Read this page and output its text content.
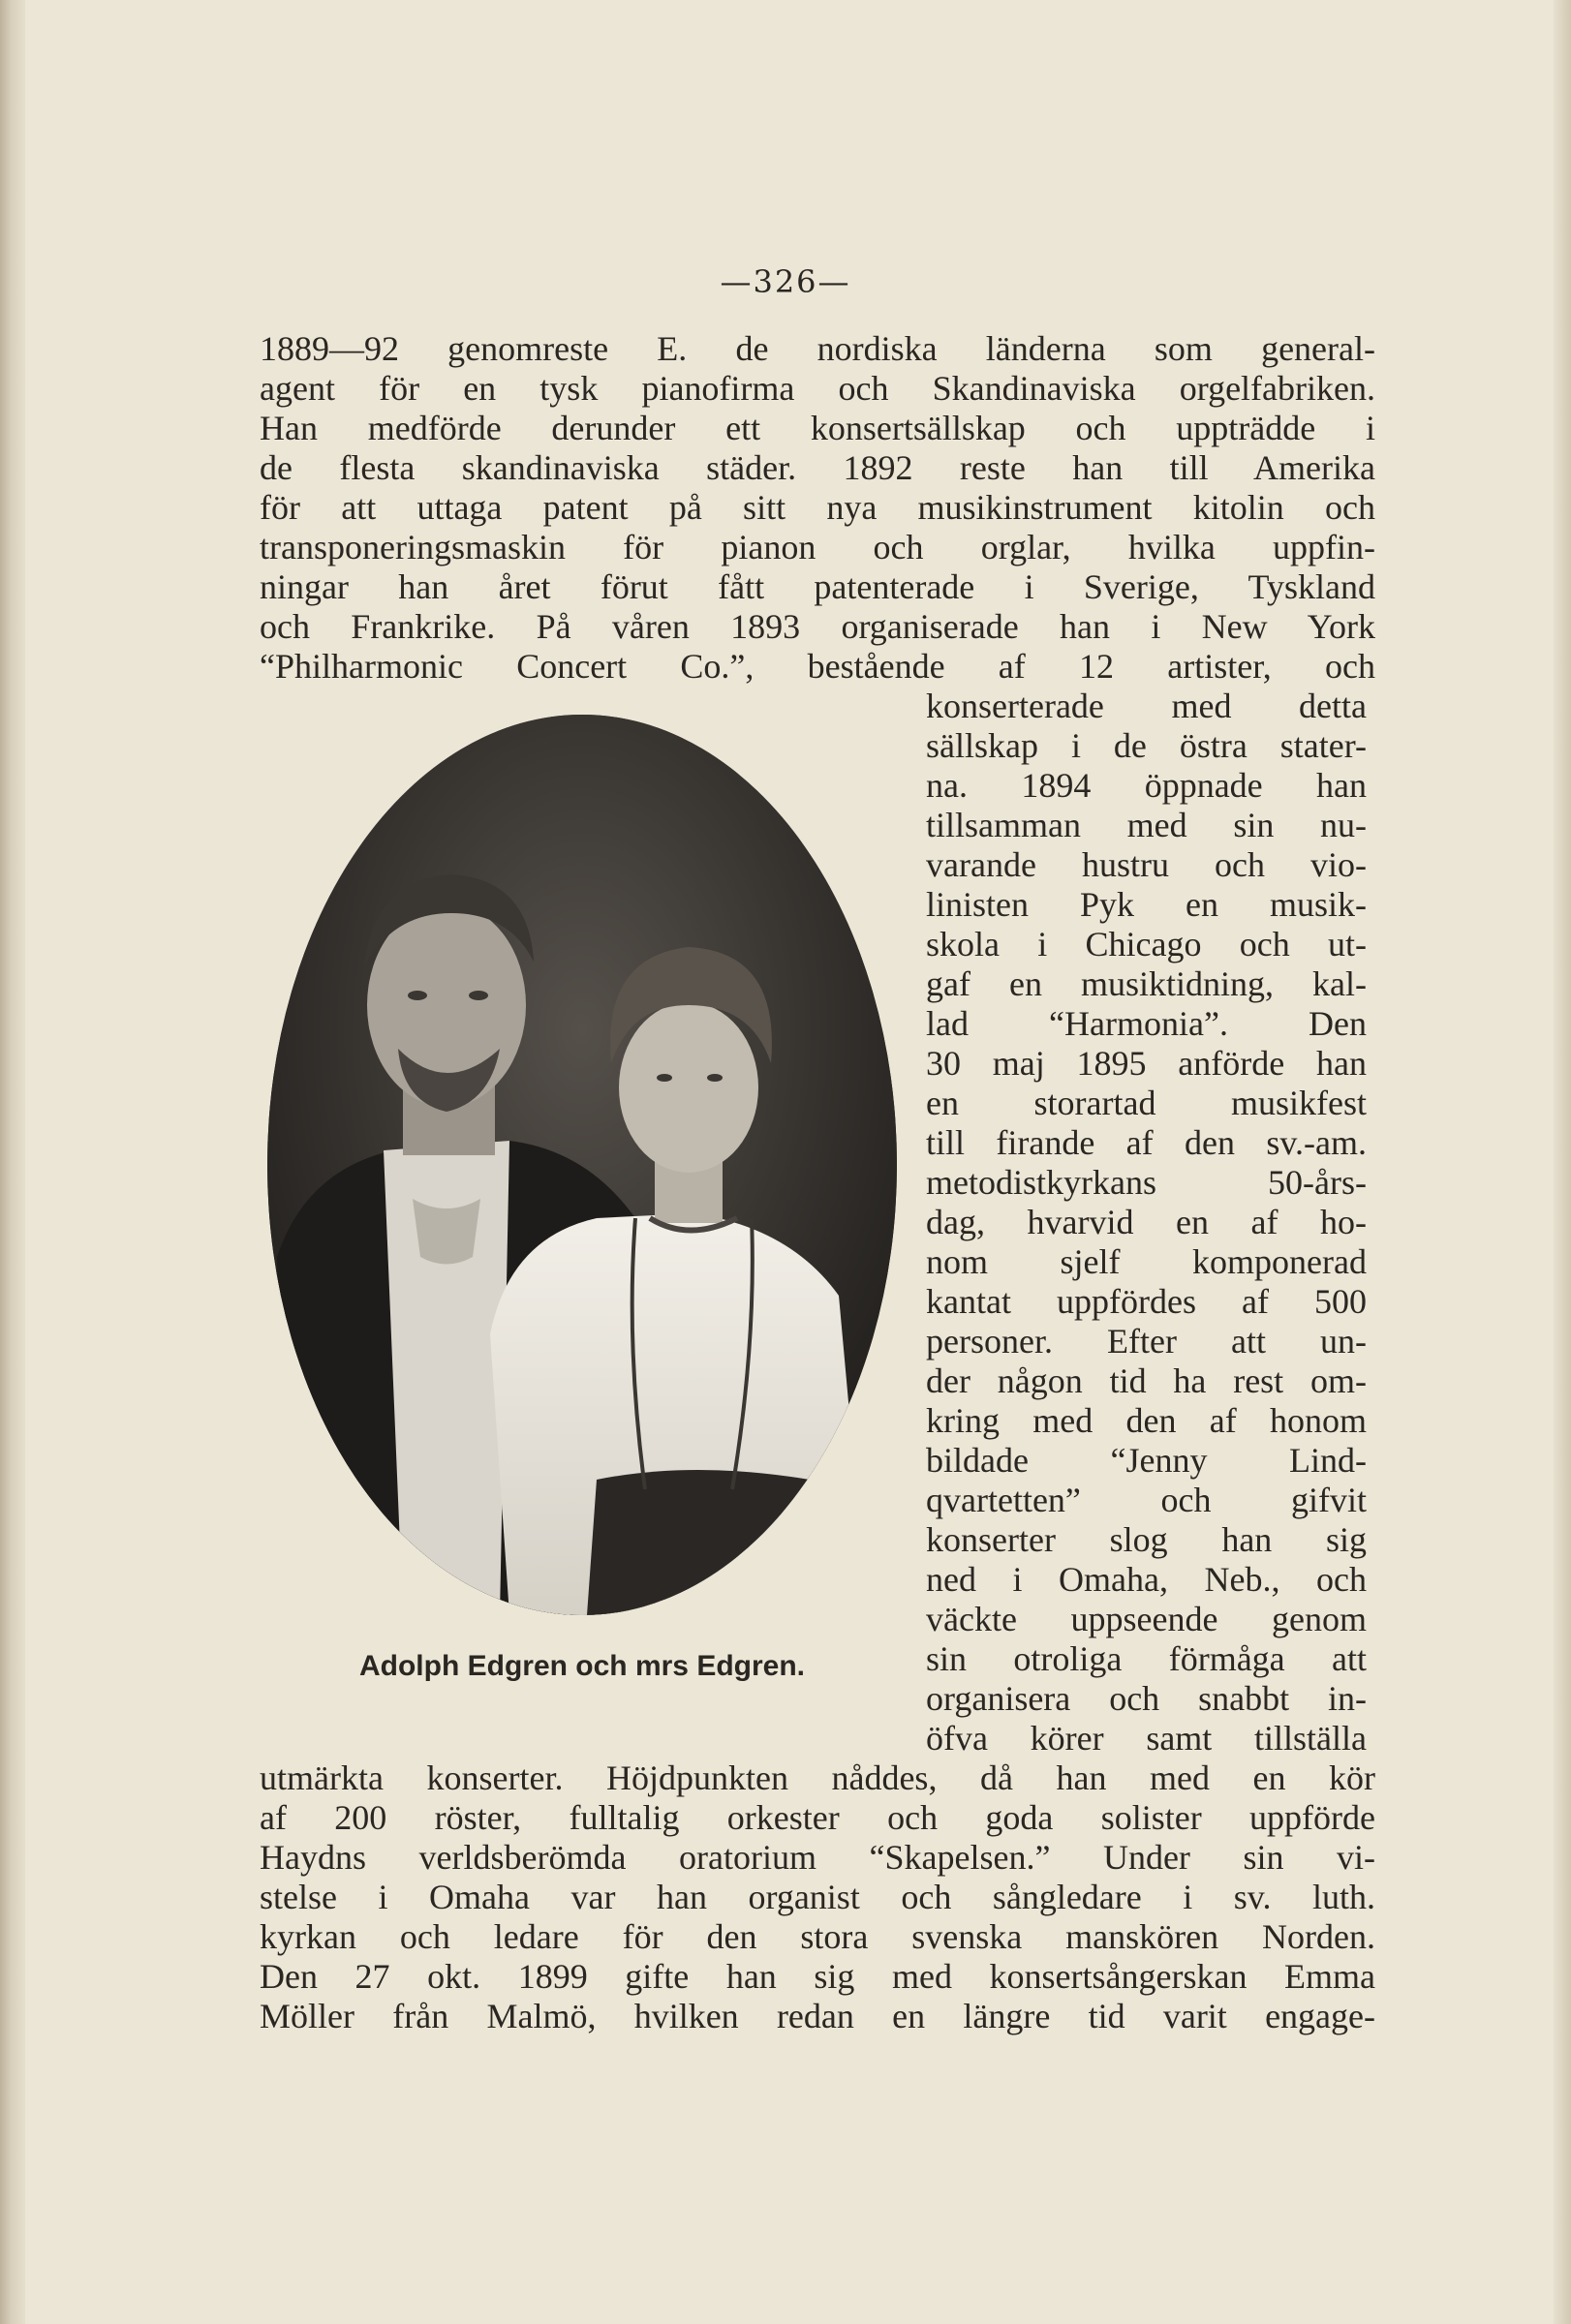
—326—
1889—92 genomreste E. de nordiska länderna som general-
agent för en tysk pianofirma och Skandinaviska orgelfabriken.
Han medförde derunder ett konsertsällskap och uppträdde i
de flesta skandinaviska städer. 1892 reste han till Amerika
för att uttaga patent på sitt nya musikinstrument kitolin och
transponeringsmaskin för pianon och orglar, hvilka uppfin-
ningar han året förut fått patenterade i Sverige, Tyskland
och Frankrike. På våren 1893 organiserade han i New York
“Philharmonic Concert Co.”, bestående af 12 artister, och
Adolph Edgren och mrs Edgren.
konserterade med detta
sällskap i de östra stater-
na. 1894 öppnade han
tillsamman med sin nu-
varande hustru och vio-
linisten Pyk en musik-
skola i Chicago och ut-
gaf en musiktidning, kal-
lad “Harmonia”. Den
30 maj 1895 anförde han
en storartad musikfest
till firande af den sv.-am.
metodistkyrkans 50-års-
dag, hvarvid en af ho-
nom sjelf komponerad
kantat uppfördes af 500
personer. Efter att un-
der någon tid ha rest om-
kring med den af honom
bildade “Jenny Lind-
qvartetten” och gifvit
konserter slog han sig
ned i Omaha, Neb., och
väckte uppseende genom
sin otroliga förmåga att
organisera och snabbt in-
öfva körer samt tillställa
utmärkta konserter. Höjdpunkten nåddes, då han med en kör
af 200 röster, fulltalig orkester och goda solister uppförde
Haydns verldsberömda oratorium “Skapelsen.” Under sin vi-
stelse i Omaha var han organist och sångledare i sv. luth.
kyrkan och ledare för den stora svenska manskören Norden.
Den 27 okt. 1899 gifte han sig med konsertsångerskan Emma
Möller från Malmö, hvilken redan en längre tid varit engage-
